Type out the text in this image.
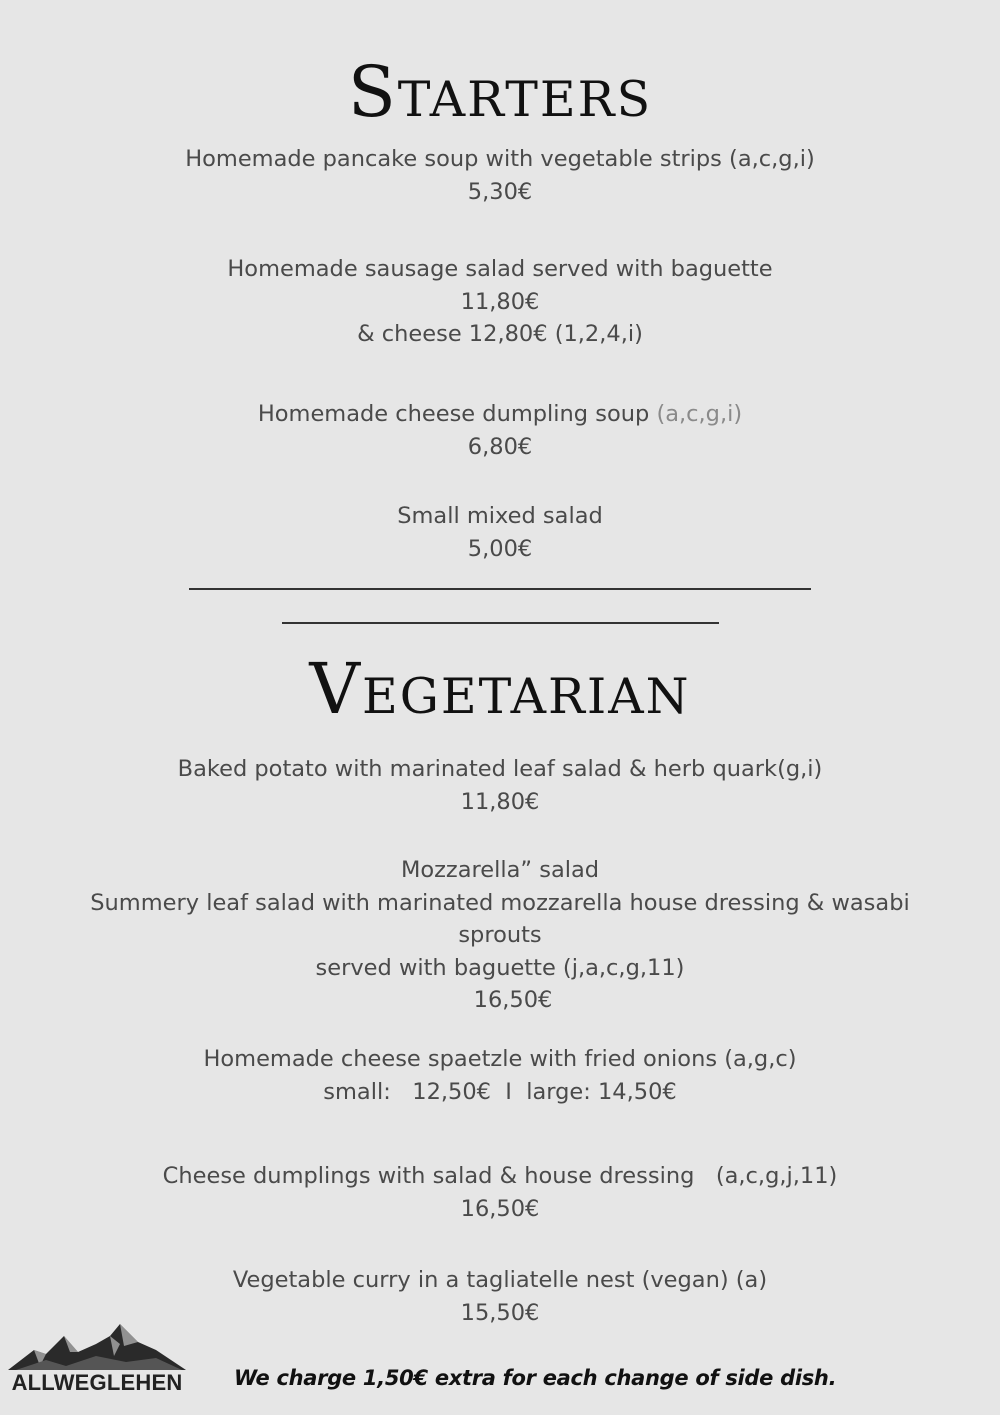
Starters
Homemade pancake soup with vegetable strips (a,c,g,i)
5,30€
Homemade sausage salad served with baguette
11,80€
& cheese 12,80€ (1,2,4,i)
Homemade cheese dumpling soup (a,c,g,i)
6,80€
Small mixed salad
5,00€
Vegetarian
Baked potato with marinated leaf salad & herb quark(g,i)
11,80€
Mozzarella” salad
Summery leaf salad with marinated mozzarella house dressing & wasabi
sprouts
served with baguette (j,a,c,g,11)
16,50€
Homemade cheese spaetzle with fried onions (a,g,c)
small:   12,50€  I  large: 14,50€
Cheese dumplings with salad & house dressing   (a,c,g,j,11)
16,50€
Vegetable curry in a tagliatelle nest (vegan) (a)
15,50€
ALLWEGLEHEN We charge 1,50€ extra for each change of side dish.
